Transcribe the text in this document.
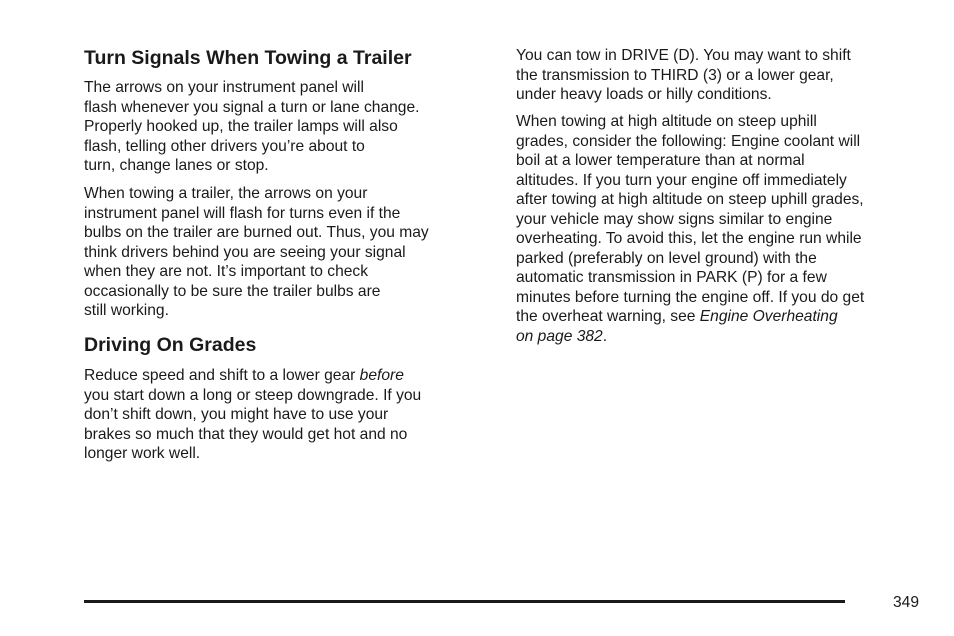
Turn Signals When Towing a Trailer

The arrows on your instrument panel will
flash whenever you signal a turn or lane change.
Properly hooked up, the trailer lamps will also
flash, telling other drivers you’re about to
turn, change lanes or stop.

When towing a trailer, the arrows on your
instrument panel will flash for turns even if the
bulbs on the trailer are burned out. Thus, you may
think drivers behind you are seeing your signal
when they are not. It’s important to check
occasionally to be sure the trailer bulbs are
still working.

Driving On Grades

Reduce speed and shift to a lower gear before
you start down a long or steep downgrade. If you
don’t shift down, you might have to use your
brakes so much that they would get hot and no
longer work well.

You can tow in DRIVE (D). You may want to shift
the transmission to THIRD (3) or a lower gear,
under heavy loads or hilly conditions.

When towing at high altitude on steep uphill
grades, consider the following: Engine coolant will
boil at a lower temperature than at normal
altitudes. If you turn your engine off immediately
after towing at high altitude on steep uphill grades,
your vehicle may show signs similar to engine
overheating. To avoid this, let the engine run while
parked (preferably on level ground) with the
automatic transmission in PARK (P) for a few
minutes before turning the engine off. If you do get
the overheat warning, see Engine Overheating
on page 382.

349
